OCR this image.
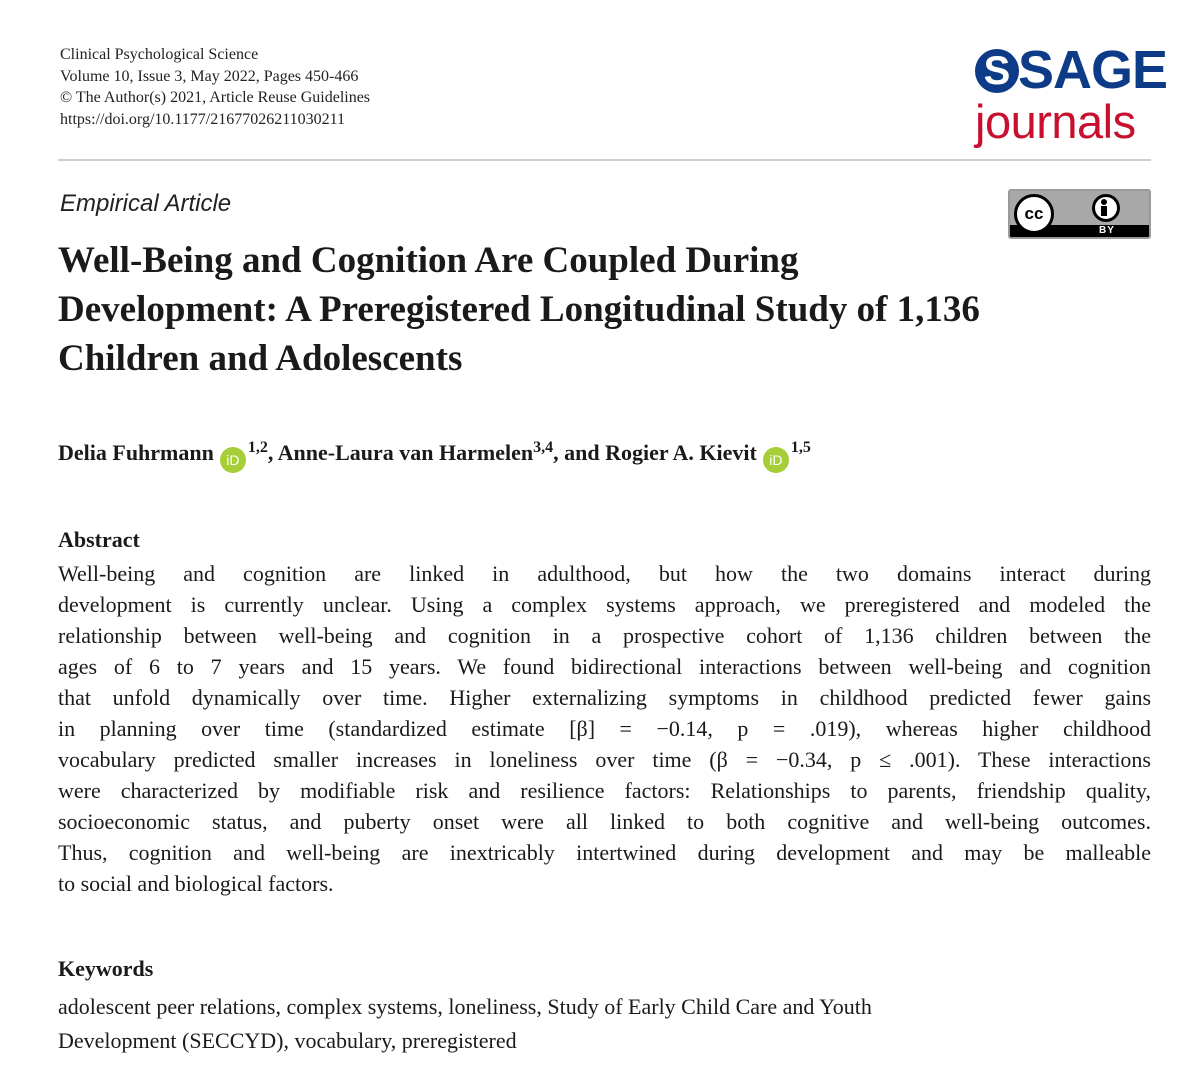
Clinical Psychological Science
Volume 10, Issue 3, May 2022, Pages 450-466
© The Author(s) 2021, Article Reuse Guidelines
https://doi.org/10.1177/21677026211030211
S SAGE
journals
Empirical Article	cc
BY
Well-Being and Cognition Are Coupled During
Development: A Preregistered Longitudinal Study of 1,136
Children and Adolescents
Delia Fuhrmann iD$^{1,2}$, Anne-Laura van Harmelen$^{3,4}$, and Rogier A. Kievit iD$^{1,5}$
Abstract
Well-being and cognition are linked in adulthood, but how the two domains interact during
development is currently unclear. Using a complex systems approach, we preregistered and modeled the
relationship between well-being and cognition in a prospective cohort of 1,136 children between the
ages of 6 to 7 years and 15 years. We found bidirectional interactions between well-being and cognition
that unfold dynamically over time. Higher externalizing symptoms in childhood predicted fewer gains
in planning over time (standardized estimate [β] = −0.14, p = .019), whereas higher childhood
vocabulary predicted smaller increases in loneliness over time (β = −0.34, p ≤ .001). These interactions
were characterized by modifiable risk and resilience factors: Relationships to parents, friendship quality,
socioeconomic status, and puberty onset were all linked to both cognitive and well-being outcomes.
Thus, cognition and well-being are inextricably intertwined during development and may be malleable
to social and biological factors.
Keywords
adolescent peer relations, complex systems, loneliness, Study of Early Child Care and Youth
Development (SECCYD), vocabulary, preregistered
